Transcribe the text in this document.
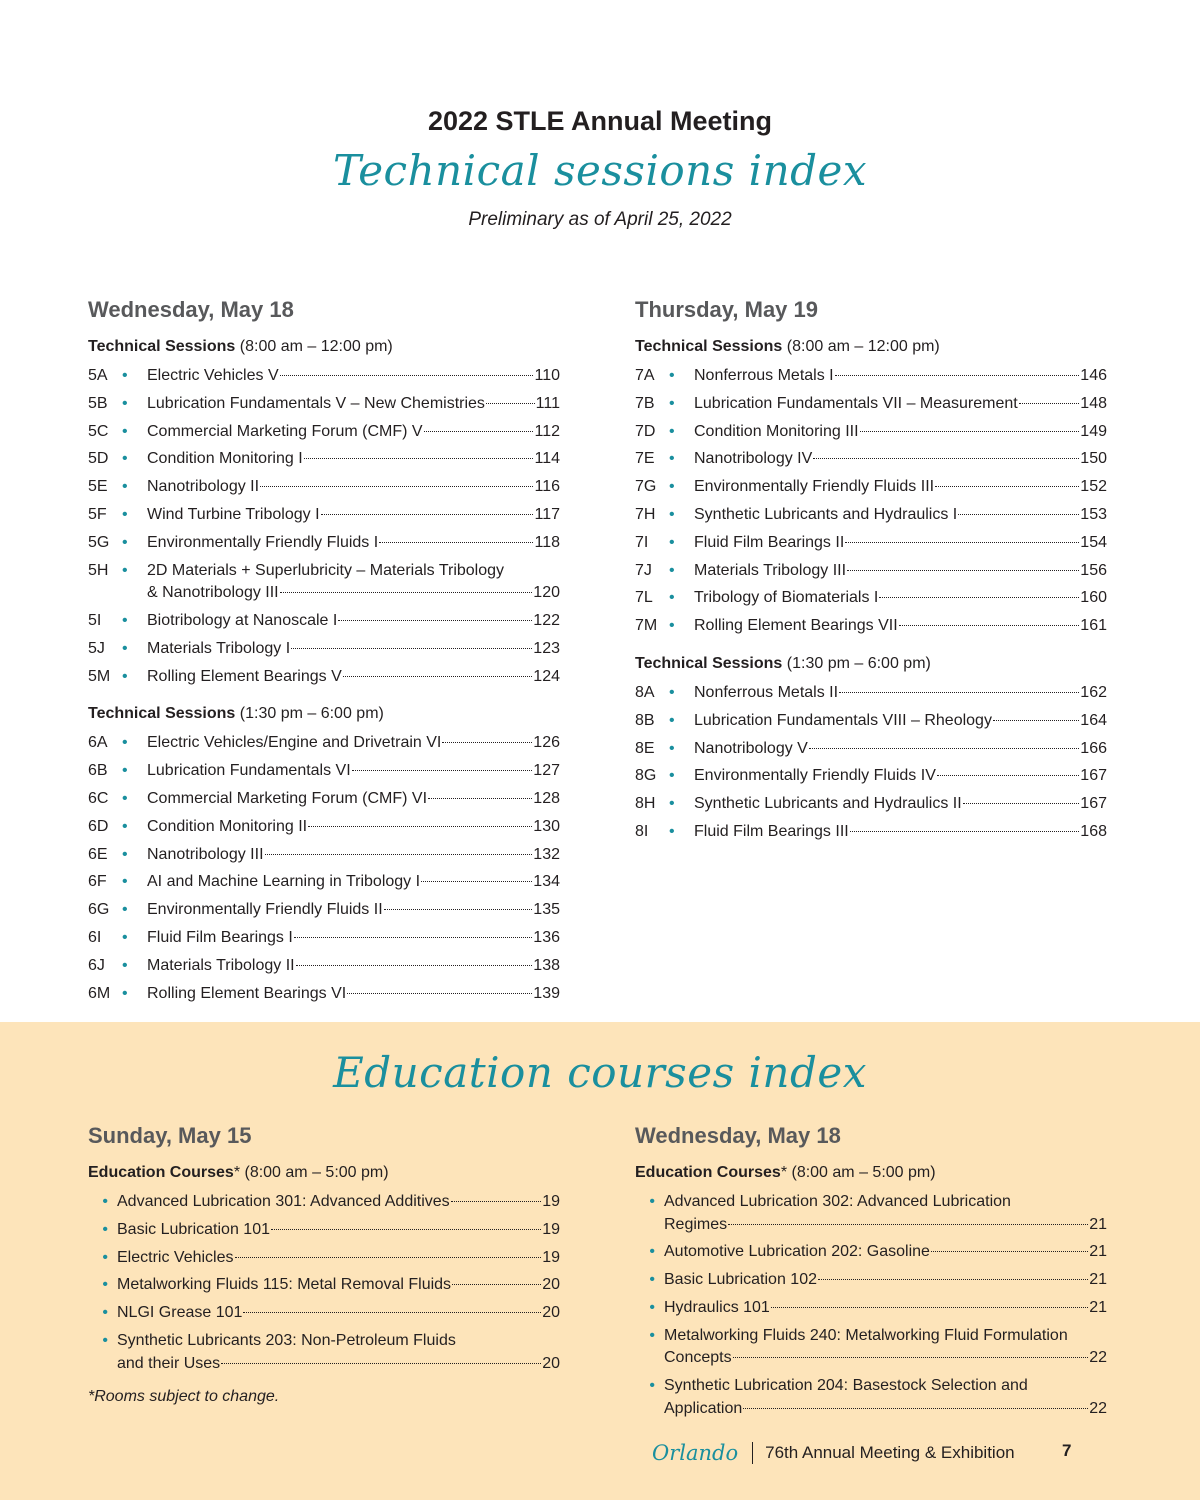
2022 STLE Annual Meeting
Technical sessions index
Preliminary as of April 25, 2022
Wednesday, May 18
Technical Sessions (8:00 am – 12:00 pm)
5A •	Electric Vehicles V	110
5B •	Lubrication Fundamentals V – New Chemistries	111
5C •	Commercial Marketing Forum (CMF) V	112
5D •	Condition Monitoring I	114
5E •	Nanotribology II	116
5F •	Wind Turbine Tribology I	117
5G •	Environmentally Friendly Fluids I	118
5H •	2D Materials + Superlubricity – Materials Tribology
& Nanotribology III	120
5I	•	Biotribology at Nanoscale I	122
5J	•	Materials Tribology I	123
5M •	Rolling Element Bearings V	124
Technical Sessions (1:30 pm – 6:00 pm)
6A •	Electric Vehicles/Engine and Drivetrain VI	126
6B •	Lubrication Fundamentals VI	127
6C •	Commercial Marketing Forum (CMF) VI	128
6D •	Condition Monitoring II	130
6E •	Nanotribology III	132
6F •	AI and Machine Learning in Tribology I	134
6G •	Environmentally Friendly Fluids II	135
6I	•	Fluid Film Bearings I	136
6J	•	Materials Tribology II	138
6M •	Rolling Element Bearings VI	139
Thursday, May 19
Technical Sessions (8:00 am – 12:00 pm)
7A •	Nonferrous Metals I	146
7B •	Lubrication Fundamentals VII – Measurement	148
7D •	Condition Monitoring III	149
7E •	Nanotribology IV	150
7G •	Environmentally Friendly Fluids III	152
7H •	Synthetic Lubricants and Hydraulics I	153
7I	•	Fluid Film Bearings II	154
7J	•	Materials Tribology III	156
7L	•	Tribology of Biomaterials I	160
7M •	Rolling Element Bearings VII	161
Technical Sessions (1:30 pm – 6:00 pm)
8A •	Nonferrous Metals II	162
8B •	Lubrication Fundamentals VIII – Rheology	164
8E •	Nanotribology V	166
8G •	Environmentally Friendly Fluids IV	167
8H •	Synthetic Lubricants and Hydraulics II	167
8I	•	Fluid Film Bearings III	168
Education courses index
Sunday, May 15
Education Courses* (8:00 am – 5:00 pm)
• Advanced Lubrication 301: Advanced Additives	19
• Basic Lubrication 101	19
• Electric Vehicles	19
• Metalworking Fluids 115: Metal Removal Fluids	20
• NLGI Grease 101	20
• Synthetic Lubricants 203: Non-Petroleum Fluids
and their Uses	20
Wednesday, May 18
Education Courses* (8:00 am – 5:00 pm)
• Advanced Lubrication 302: Advanced Lubrication
Regimes	21
• Automotive Lubrication 202: Gasoline	21
• Basic Lubrication 102	21
• Hydraulics 101	21
• Metalworking Fluids 240: Metalworking Fluid Formulation
Concepts	22
• Synthetic Lubrication 204: Basestock Selection and
Application	22
*Rooms subject to change.
Orlando 76th Annual Meeting & Exhibition	7
